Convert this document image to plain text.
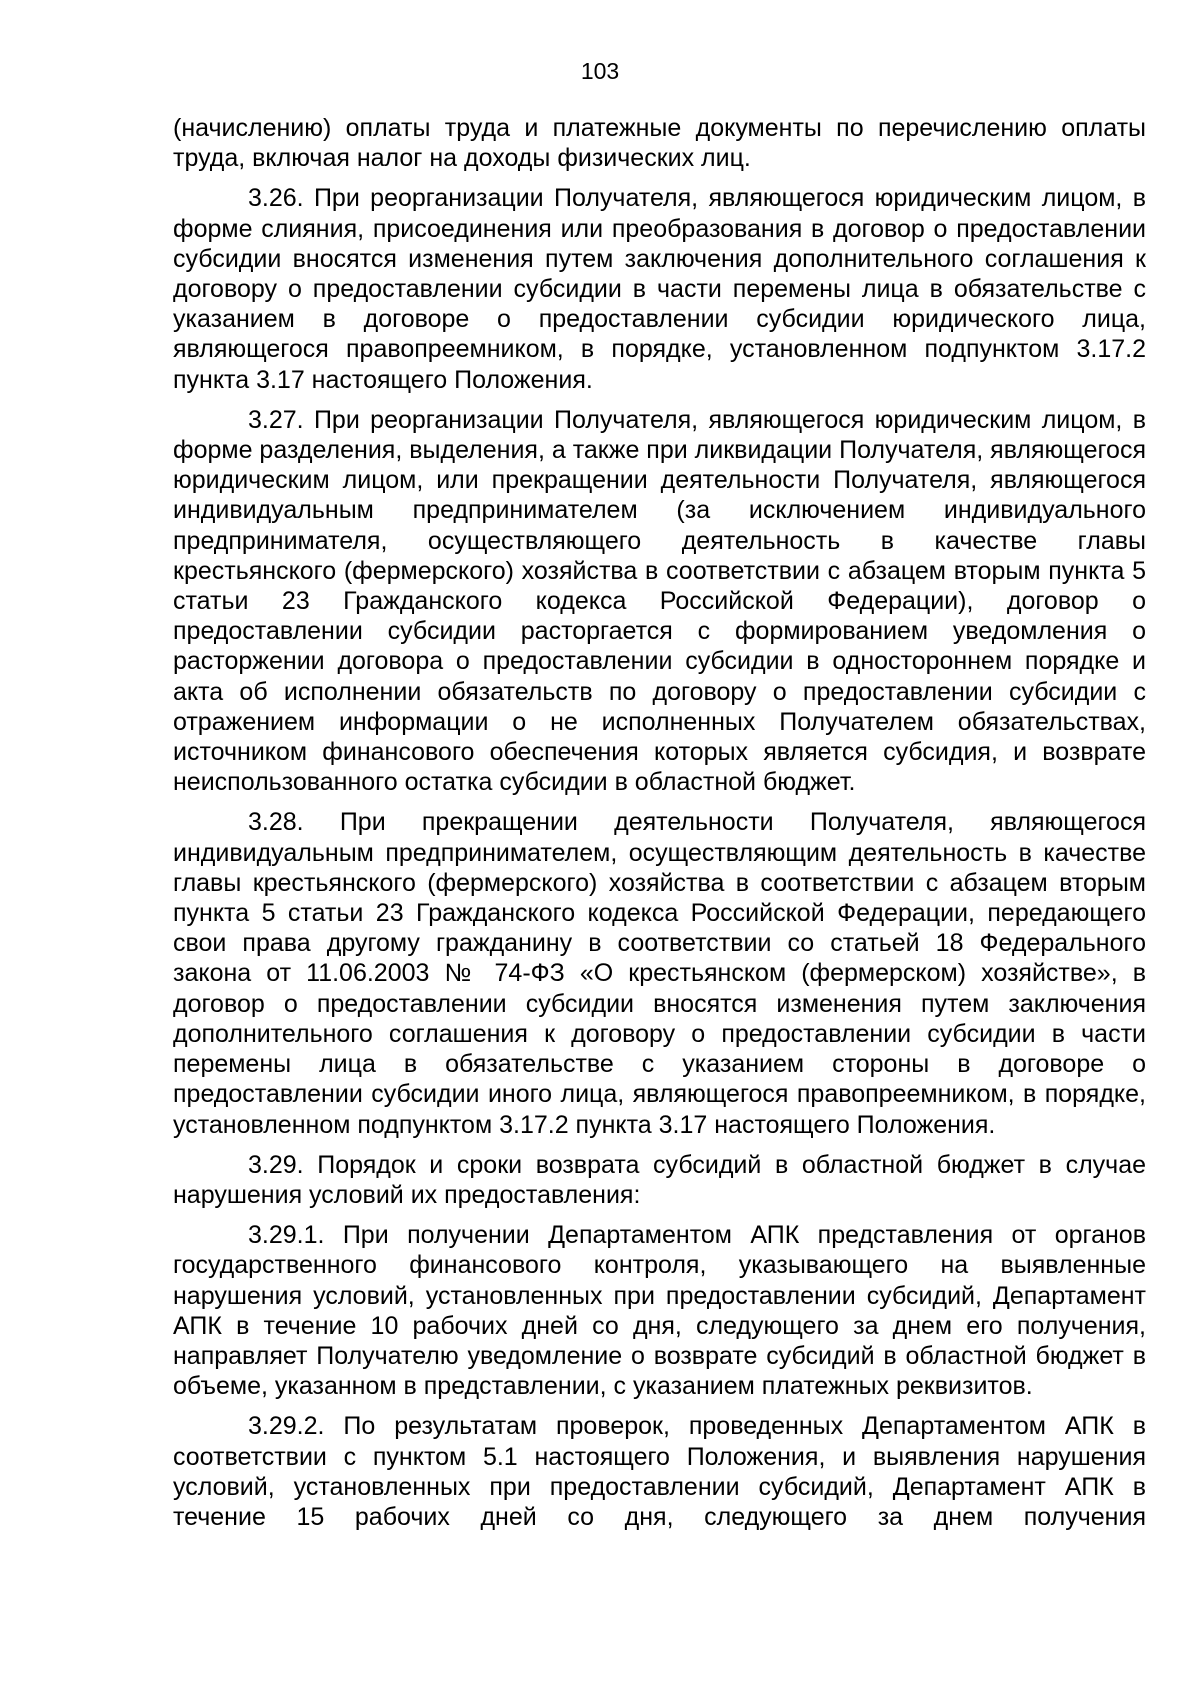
103

(начислению) оплаты труда и платежные документы по перечислению оплаты труда, включая налог на доходы физических лиц.

3.26. При реорганизации Получателя, являющегося юридическим лицом, в форме слияния, присоединения или преобразования в договор о предоставлении субсидии вносятся изменения путем заключения дополнительного соглашения к договору о предоставлении субсидии в части перемены лица в обязательстве с указанием в договоре о предоставлении субсидии юридического лица, являющегося правопреемником, в порядке, установленном подпунктом 3.17.2 пункта 3.17 настоящего Положения.

3.27. При реорганизации Получателя, являющегося юридическим лицом, в форме разделения, выделения, а также при ликвидации Получателя, являющегося юридическим лицом, или прекращении деятельности Получателя, являющегося индивидуальным предпринимателем (за исключением индивидуального предпринимателя, осуществляющего деятельность в качестве главы крестьянского (фермерского) хозяйства в соответствии с абзацем вторым пункта 5 статьи 23 Гражданского кодекса Российской Федерации), договор о предоставлении субсидии расторгается с формированием уведомления о расторжении договора о предоставлении субсидии в одностороннем порядке и акта об исполнении обязательств по договору о предоставлении субсидии с отражением информации о не исполненных Получателем обязательствах, источником финансового обеспечения которых является субсидия, и возврате неиспользованного остатка субсидии в областной бюджет.

3.28. При прекращении деятельности Получателя, являющегося индивидуальным предпринимателем, осуществляющим деятельность в качестве главы крестьянского (фермерского) хозяйства в соответствии с абзацем вторым пункта 5 статьи 23 Гражданского кодекса Российской Федерации, передающего свои права другому гражданину в соответствии со статьей 18 Федерального закона от 11.06.2003 № 74-ФЗ «О крестьянском (фермерском) хозяйстве», в договор о предоставлении субсидии вносятся изменения путем заключения дополнительного соглашения к договору о предоставлении субсидии в части перемены лица в обязательстве с указанием стороны в договоре о предоставлении субсидии иного лица, являющегося правопреемником, в порядке, установленном подпунктом 3.17.2 пункта 3.17 настоящего Положения.

3.29. Порядок и сроки возврата субсидий в областной бюджет в случае нарушения условий их предоставления:

3.29.1. При получении Департаментом АПК представления от органов государственного финансового контроля, указывающего на выявленные нарушения условий, установленных при предоставлении субсидий, Департамент АПК в течение 10 рабочих дней со дня, следующего за днем его получения, направляет Получателю уведомление о возврате субсидий в областной бюджет в объеме, указанном в представлении, с указанием платежных реквизитов.

3.29.2. По результатам проверок, проведенных Департаментом АПК в соответствии с пунктом 5.1 настоящего Положения, и выявления нарушения условий, установленных при предоставлении субсидий, Департамент АПК в течение 15 рабочих дней со дня, следующего за днем получения
